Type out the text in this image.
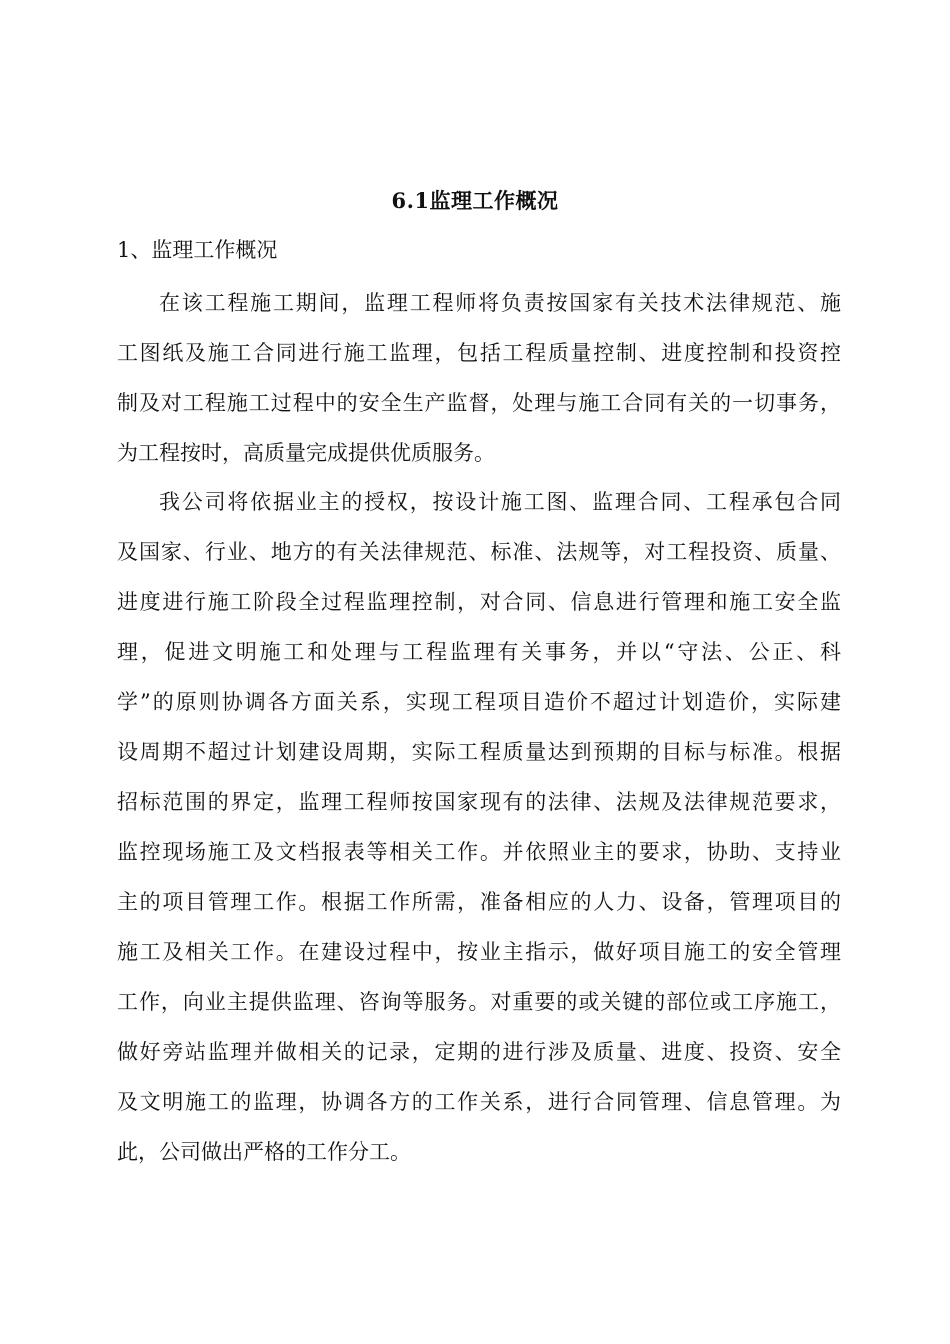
6.1监理工作概况
1、监理工作概况
在该工程施工期间，监理工程师将负责按国家有关技术法律规范、施
工图纸及施工合同进行施工监理，包括工程质量控制、进度控制和投资控
制及对工程施工过程中的安全生产监督，处理与施工合同有关的一切事务，
为工程按时，高质量完成提供优质服务。
我公司将依据业主的授权，按设计施工图、监理合同、工程承包合同
及国家、行业、地方的有关法律规范、标准、法规等，对工程投资、质量、
进度进行施工阶段全过程监理控制，对合同、信息进行管理和施工安全监
理，促进文明施工和处理与工程监理有关事务，并以“守法、公正、科
学”的原则协调各方面关系，实现工程项目造价不超过计划造价，实际建
设周期不超过计划建设周期，实际工程质量达到预期的目标与标准。根据
招标范围的界定，监理工程师按国家现有的法律、法规及法律规范要求，
监控现场施工及文档报表等相关工作。并依照业主的要求，协助、支持业
主的项目管理工作。根据工作所需，准备相应的人力、设备，管理项目的
施工及相关工作。在建设过程中，按业主指示，做好项目施工的安全管理
工作，向业主提供监理、咨询等服务。对重要的或关键的部位或工序施工，
做好旁站监理并做相关的记录，定期的进行涉及质量、进度、投资、安全
及文明施工的监理，协调各方的工作关系，进行合同管理、信息管理。为
此，公司做出严格的工作分工。
